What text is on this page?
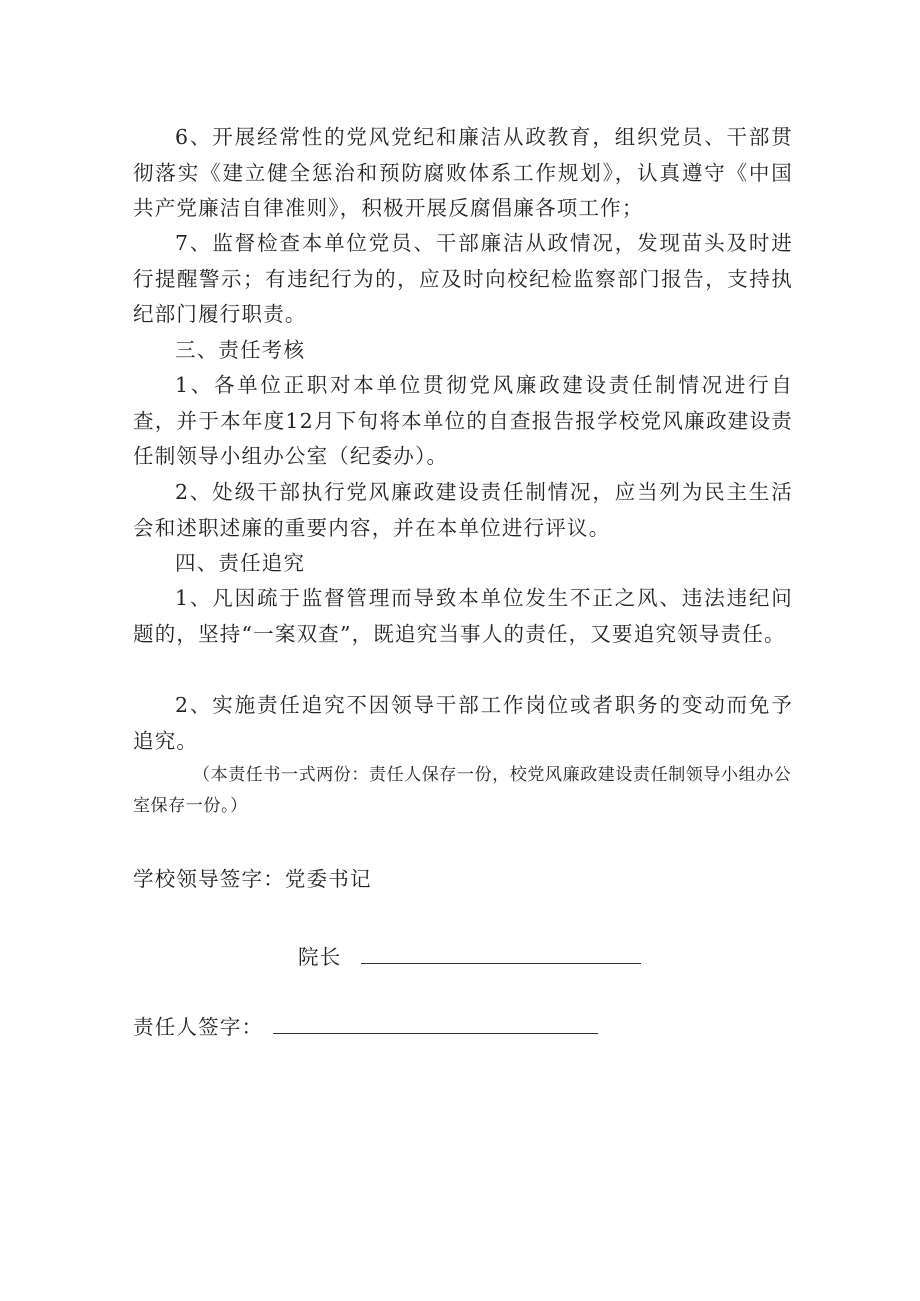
6、开展经常性的党风党纪和廉洁从政教育，组织党员、干部贯彻落实《建立健全惩治和预防腐败体系工作规划》，认真遵守《中国共产党廉洁自律准则》，积极开展反腐倡廉各项工作；

7、监督检查本单位党员、干部廉洁从政情况，发现苗头及时进行提醒警示；有违纪行为的，应及时向校纪检监察部门报告，支持执纪部门履行职责。

三、责任考核

1、各单位正职对本单位贯彻党风廉政建设责任制情况进行自查，并于本年度12月下旬将本单位的自查报告报学校党风廉政建设责任制领导小组办公室（纪委办）。

2、处级干部执行党风廉政建设责任制情况，应当列为民主生活会和述职述廉的重要内容，并在本单位进行评议。

四、责任追究

1、凡因疏于监督管理而导致本单位发生不正之风、违法违纪问题的，坚持“一案双查”，既追究当事人的责任，又要追究领导责任。

2、实施责任追究不因领导干部工作岗位或者职务的变动而免予追究。

（本责任书一式两份：责任人保存一份，校党风廉政建设责任制领导小组办公室保存一份。）

学校领导签字：党委书记

院长

责任人签字：
